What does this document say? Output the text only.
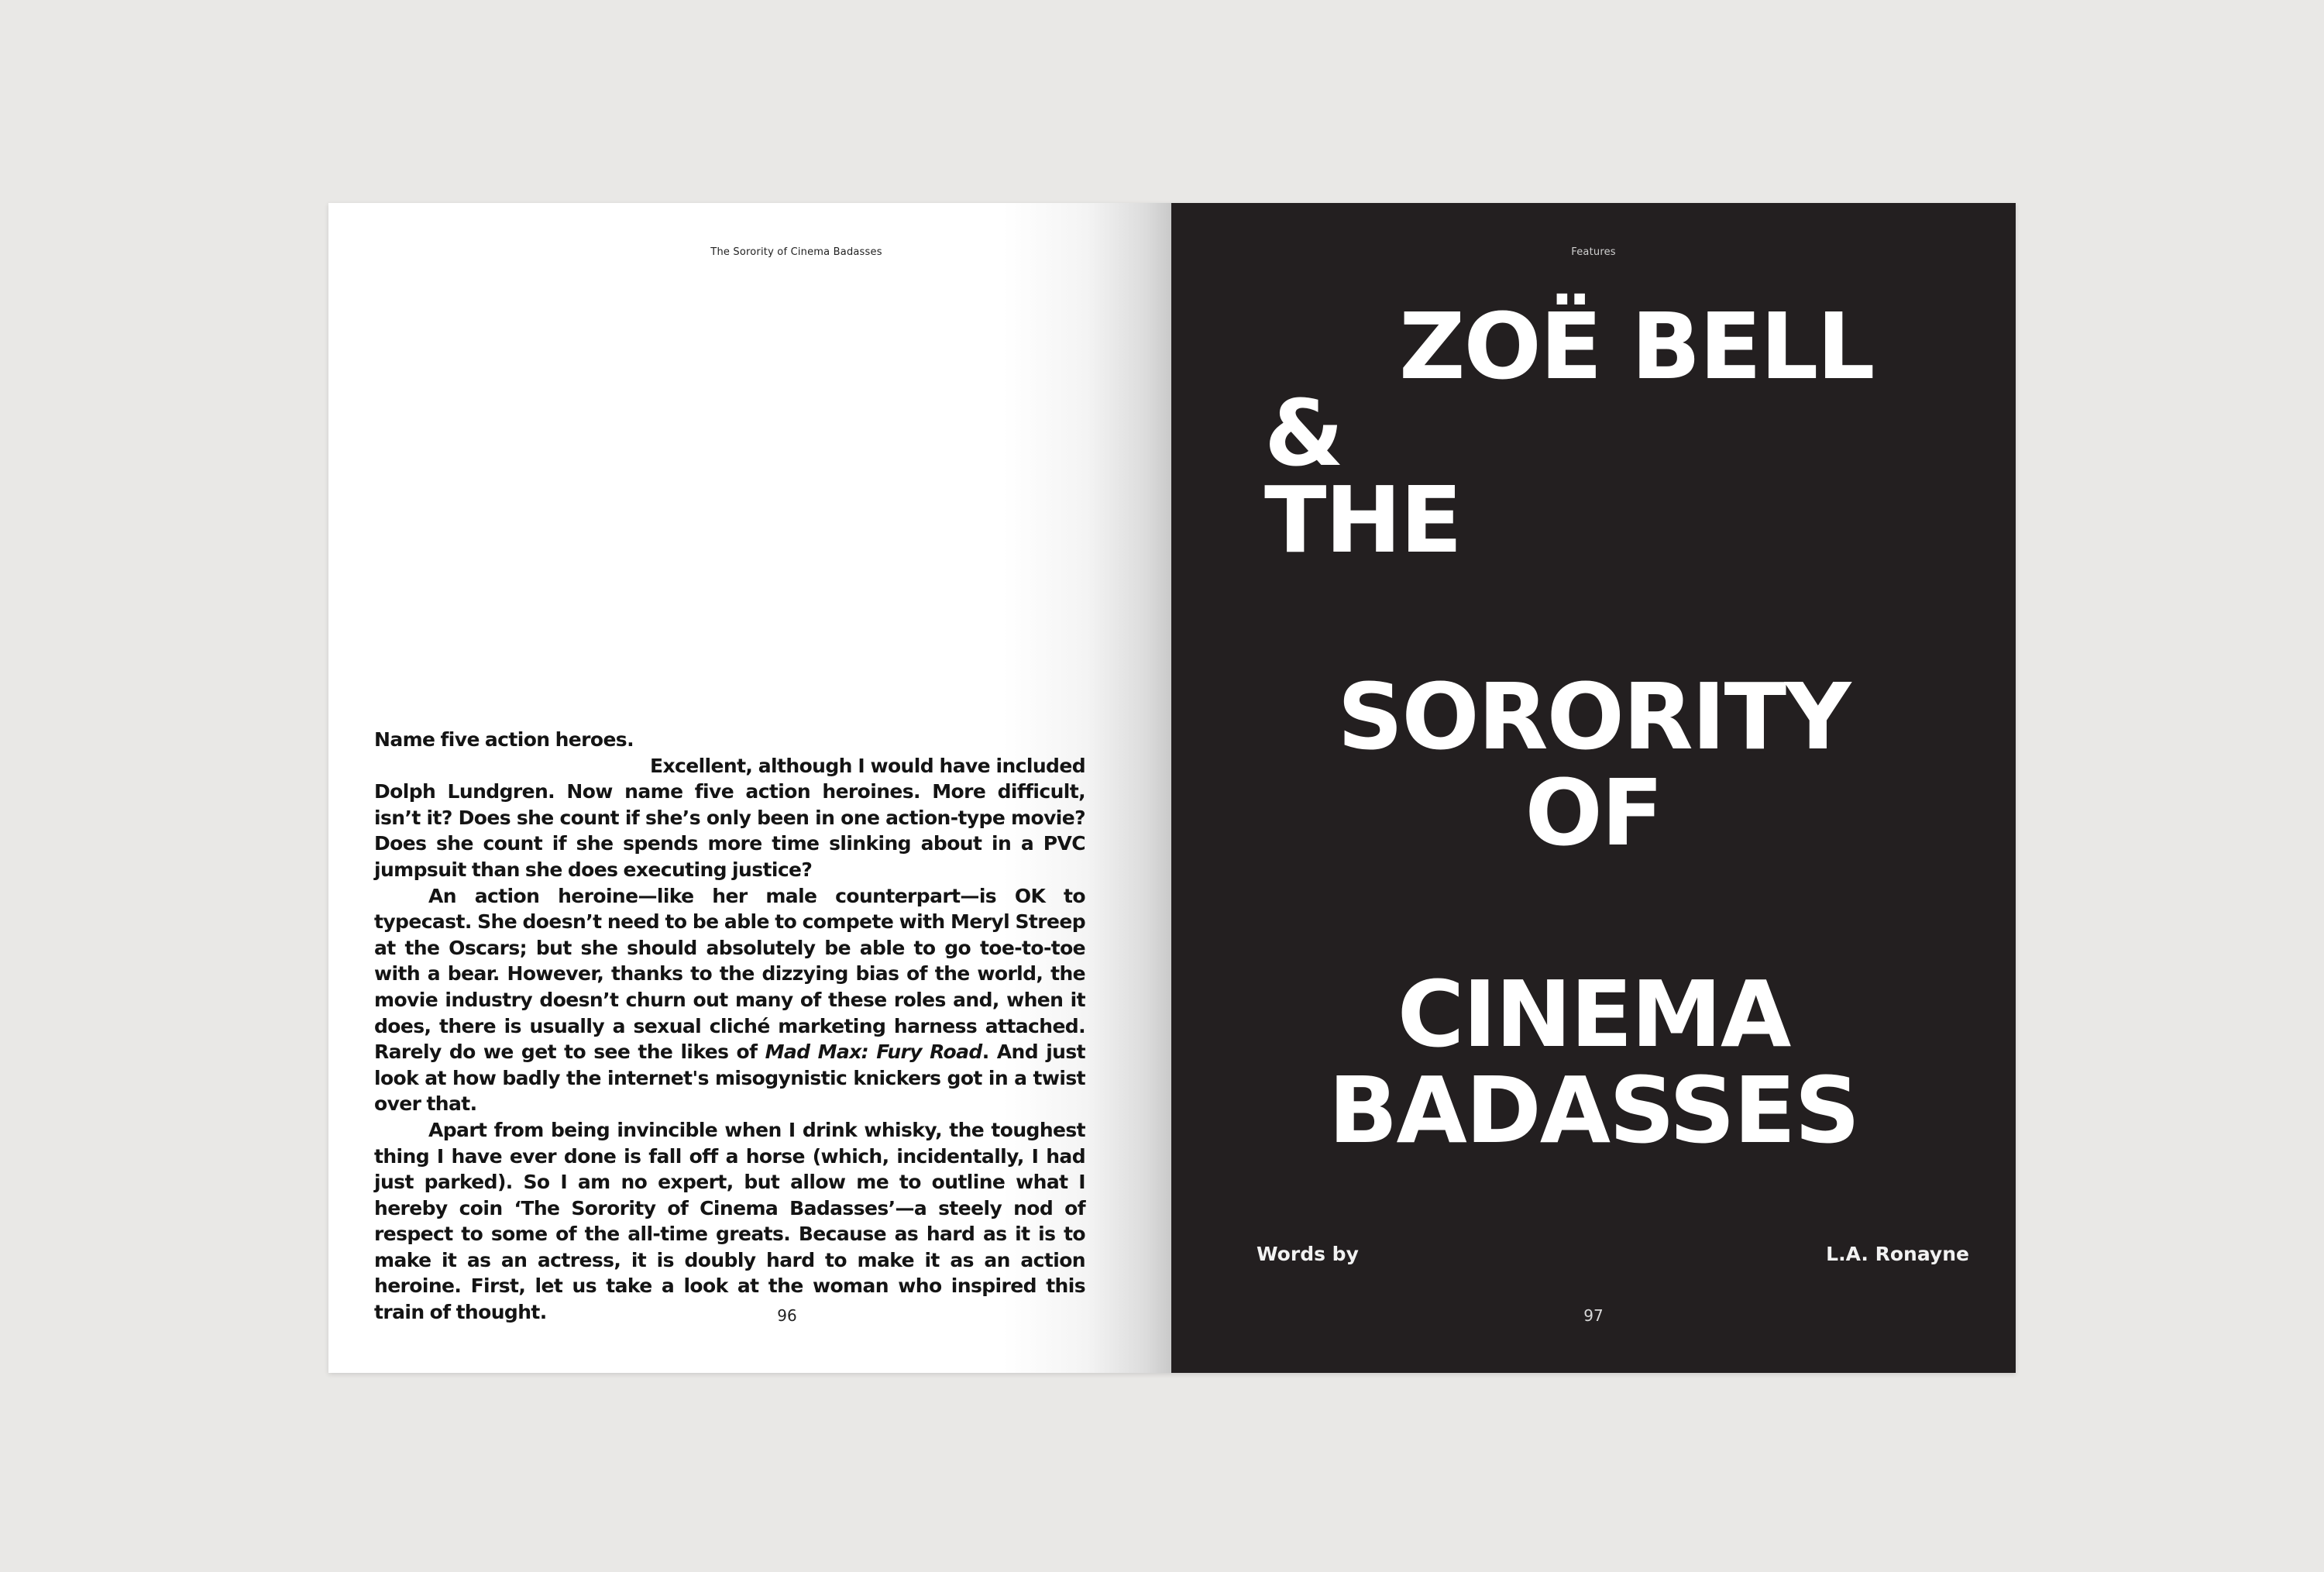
The Sorority of Cinema Badasses

Name five action heroes.

Excellent, although I would have included Dolph Lundgren. Now name five action heroines. More difficult, isn’t it? Does she count if she’s only been in one action-type movie? Does she count if she spends more time slinking about in a PVC jumpsuit than she does executing justice?

An action heroine—like her male counterpart—is OK to typecast. She doesn’t need to be able to compete with Meryl Streep at the Oscars; but she should absolutely be able to go toe-to-toe with a bear. However, thanks to the dizzying bias of the world, the movie industry doesn’t churn out many of these roles and, when it does, there is usually a sexual cliché marketing harness attached. Rarely do we get to see the likes of Mad Max: Fury Road. And just look at how badly the internet's misogynistic knickers got in a twist over that.

Apart from being invincible when I drink whisky, the toughest thing I have ever done is fall off a horse (which, incidentally, I had just parked). So I am no expert, but allow me to outline what I hereby coin ‘The Sorority of Cinema Badasses’—a steely nod of respect to some of the all-time greats. Because as hard as it is to make it as an actress, it is doubly hard to make it as an action heroine. First, let us take a look at the woman who inspired this train of thought.	96
Features
ZOË BELL
&
THE
SORORITY
OF
CINEMA
BADASSES
Words by	L.A. Ronayne
97
